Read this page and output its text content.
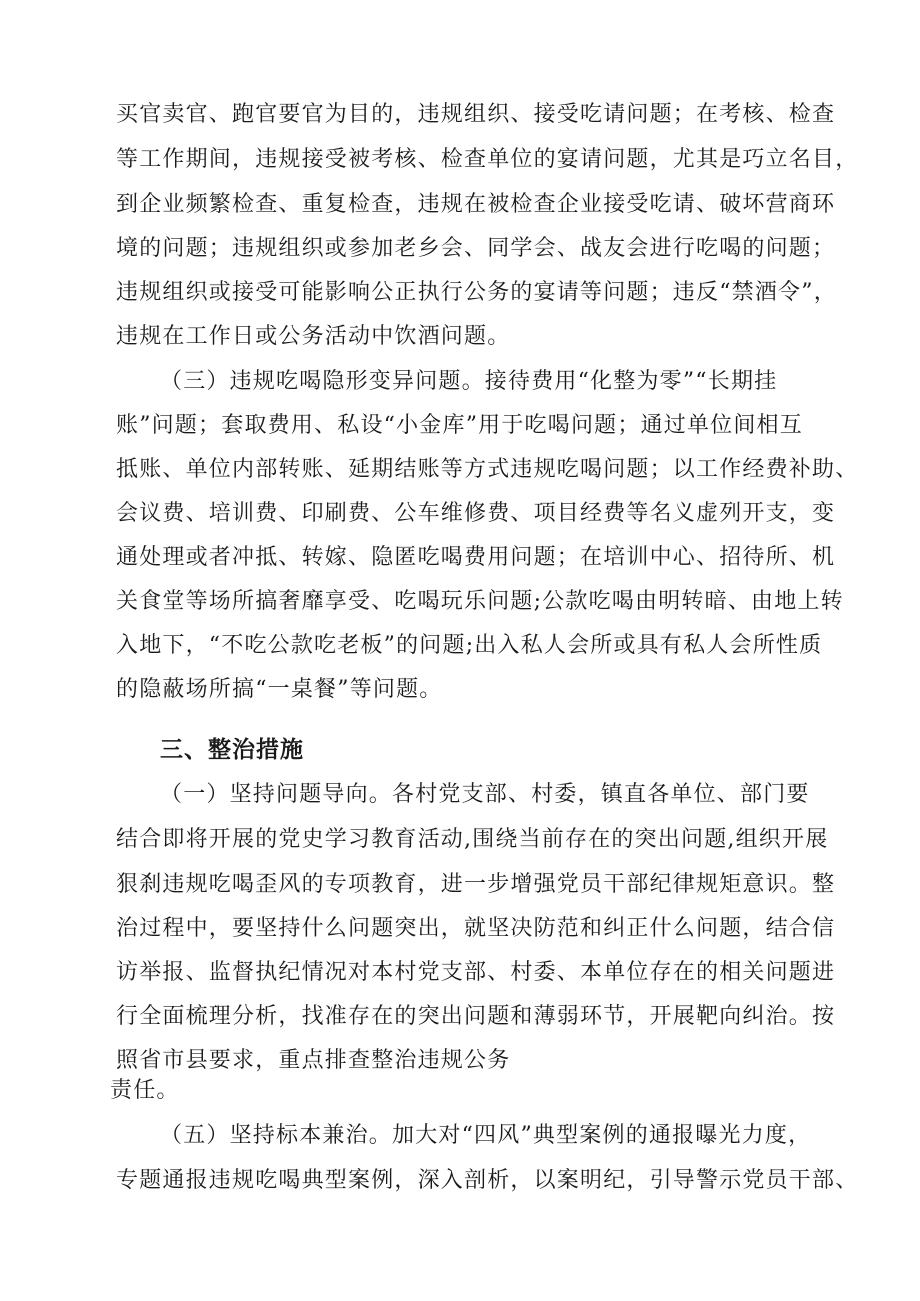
买官卖官、跑官要官为目的，违规组织、接受吃请问题；在考核、检查
等工作期间，违规接受被考核、检查单位的宴请问题，尤其是巧立名目，
到企业频繁检查、重复检查，违规在被检查企业接受吃请、破坏营商环
境的问题；违规组织或参加老乡会、同学会、战友会进行吃喝的问题；
违规组织或接受可能影响公正执行公务的宴请等问题；违反“禁酒令”，
违规在工作日或公务活动中饮酒问题。
（三）违规吃喝隐形变异问题。接待费用“化整为零”“长期挂
账”问题；套取费用、私设“小金库”用于吃喝问题；通过单位间相互
抵账、单位内部转账、延期结账等方式违规吃喝问题；以工作经费补助、
会议费、培训费、印刷费、公车维修费、项目经费等名义虚列开支，变
通处理或者冲抵、转嫁、隐匿吃喝费用问题；在培训中心、招待所、机
关食堂等场所搞奢靡享受、吃喝玩乐问题;公款吃喝由明转暗、由地上转
入地下，“不吃公款吃老板”的问题;出入私人会所或具有私人会所性质
的隐蔽场所搞“一桌餐”等问题。
三、整治措施
（一）坚持问题导向。各村党支部、村委，镇直各单位、部门要
结合即将开展的党史学习教育活动,围绕当前存在的突出问题,组织开展
狠刹违规吃喝歪风的专项教育，进一步增强党员干部纪律规矩意识。整
治过程中，要坚持什么问题突出，就坚决防范和纠正什么问题，结合信
访举报、监督执纪情况对本村党支部、村委、本单位存在的相关问题进
行全面梳理分析，找准存在的突出问题和薄弱环节，开展靶向纠治。按
照省市县要求，重点排查整治违规公务
责任。
（五）坚持标本兼治。加大对“四风”典型案例的通报曝光力度，
专题通报违规吃喝典型案例，深入剖析，以案明纪，引导警示党员干部、
